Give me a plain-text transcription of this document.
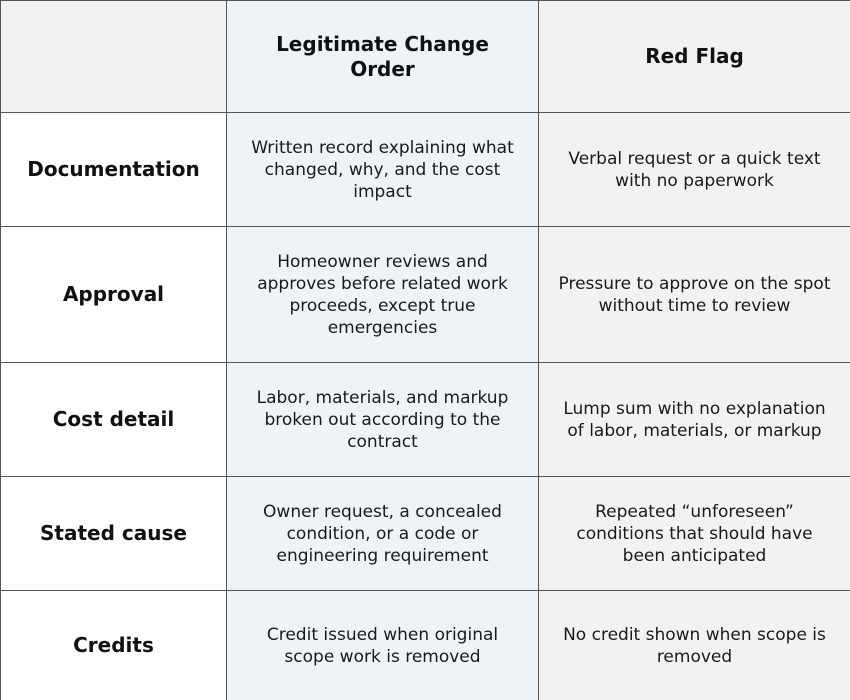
	Legitimate Change Order	Red Flag
Documentation	Written record explaining what changed, why, and the cost impact	Verbal request or a quick text with no paperwork
Approval	Homeowner reviews and approves before related work proceeds, except true emergencies	Pressure to approve on the spot without time to review
Cost detail	Labor, materials, and markup broken out according to the contract	Lump sum with no explanation of labor, materials, or markup
Stated cause	Owner request, a concealed condition, or a code or engineering requirement	Repeated “unforeseen” conditions that should have been anticipated
Credits	Credit issued when original scope work is removed	No credit shown when scope is removed
